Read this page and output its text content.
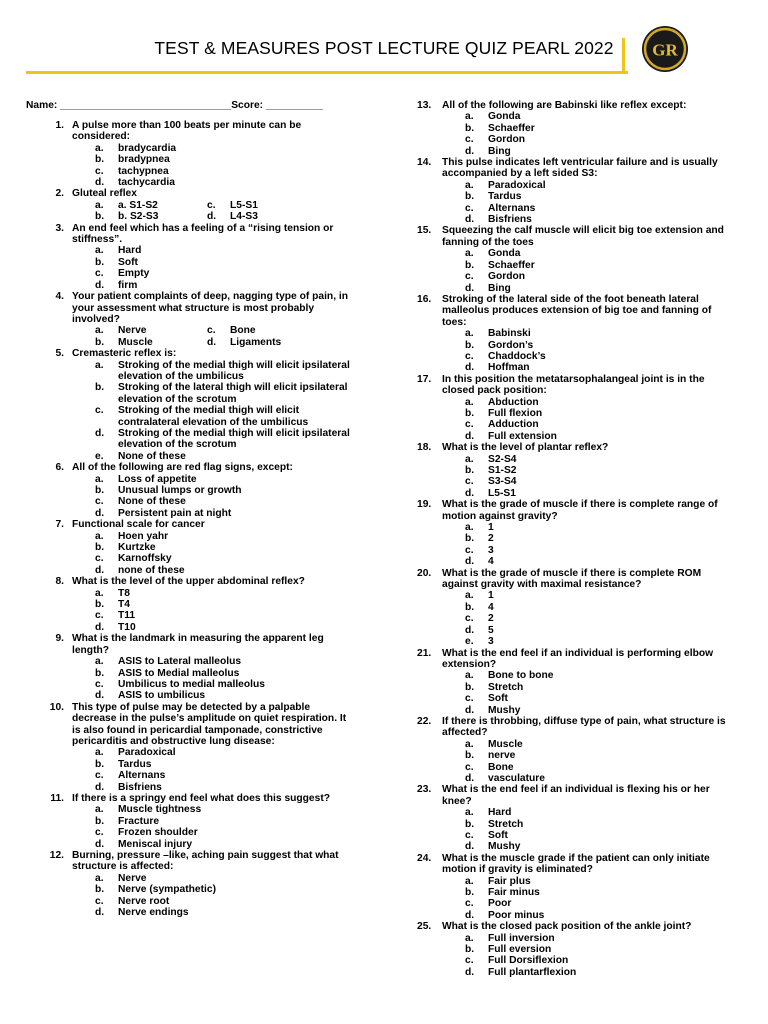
TEST & MEASURES POST LECTURE QUIZ PEARL 2022	GR
Name: ______________________________Score: __________
1. A pulse more than 100 beats per minute can be considered:
a.	bradycardia
b.	bradypnea
c.	tachypnea
d.	tachycardia
2. Gluteal reflex
a.	a. S1-S2	c.	L5-S1
b.	b. S2-S3	d.	L4-S3
3. An end feel which has a feeling of a “rising tension or stiffness”.
a.	Hard
b.	Soft
c.	Empty
d.	firm
4. Your patient complaints of deep, nagging type of pain, in your assessment what structure is most probably involved?
a.	Nerve	c.	Bone
b.	Muscle	d.	Ligaments
5. Cremasteric reflex is:
a.	Stroking of the medial thigh will elicit ipsilateral elevation of the umbilicus
b.	Stroking of the lateral thigh will elicit ipsilateral elevation of the scrotum
c.	Stroking of the medial thigh will elicit contralateral elevation of the umbilicus
d.	Stroking of the medial thigh will elicit ipsilateral elevation of the scrotum
e.	None of these
6. All of the following are red flag signs, except:
a.	Loss of appetite
b.	Unusual lumps or growth
c.	None of these
d.	Persistent pain at night
7. Functional scale for cancer
a.	Hoen yahr
b.	Kurtzke
c.	Karnoffsky
d.	none of these
8. What is the level of the upper abdominal reflex?
a.	T8
b.	T4
c.	T11
d.	T10
9. What is the landmark in measuring the apparent leg length?
a.	ASIS to Lateral malleolus
b.	ASIS to Medial malleolus
c.	Umbilicus to medial malleolus
d.	ASIS to umbilicus
10. This type of pulse may be detected by a palpable decrease in the pulse’s amplitude on quiet respiration. It is also found in pericardial tamponade, constrictive pericarditis and obstructive lung disease:
a.	Paradoxical
b.	Tardus
c.	Alternans
d.	Bisfriens
11. If there is a springy end feel what does this suggest?
a.	Muscle tightness
b.	Fracture
c.	Frozen shoulder
d.	Meniscal injury
12. Burning, pressure –like, aching pain suggest that what structure is affected:
a.	Nerve
b.	Nerve (sympathetic)
c.	Nerve root
d.	Nerve endings
13.	All of the following are Babinski like reflex except:
a.	Gonda
b.	Schaeffer
c.	Gordon
d.	Bing
14.	This pulse indicates left ventricular failure and is usually accompanied by a left sided S3:
a.	Paradoxical
b.	Tardus
c.	Alternans
d.	Bisfriens
15.	Squeezing the calf muscle will elicit big toe extension and fanning of the toes
a.	Gonda
b.	Schaeffer
c.	Gordon
d.	Bing
16.	Stroking of the lateral side of the foot beneath lateral malleolus produces extension of big toe and fanning of toes:
a.	Babinski
b.	Gordon’s
c.	Chaddock’s
d.	Hoffman
17.	In this position the metatarsophalangeal joint is in the closed pack position:
a.	Abduction
b.	Full flexion
c.	Adduction
d.	Full extension
18.	What is the level of plantar reflex?
a.	S2-S4
b.	S1-S2
c.	S3-S4
d.	L5-S1
19.	What is the grade of muscle if there is complete range of motion against gravity?
a.	1
b.	2
c.	3
d.	4
20.	What is the grade of muscle if there is complete ROM against gravity with maximal resistance?
a.	1
b.	4
c.	2
d.	5
e.	3
21.	What is the end feel if an individual is performing elbow extension?
a.	Bone to bone
b.	Stretch
c.	Soft
d.	Mushy
22.	If there is throbbing, diffuse type of pain, what structure is affected?
a.	Muscle
b.	nerve
c.	Bone
d.	vasculature
23.	What is the end feel if an individual is flexing his or her knee?
a.	Hard
b.	Stretch
c.	Soft
d.	Mushy
24.	What is the muscle grade if the patient can only initiate motion if gravity is eliminated?
a.	Fair plus
b.	Fair minus
c.	Poor
d.	Poor minus
25.	What is the closed pack position of the ankle joint?
a.	Full inversion
b.	Full eversion
c.	Full Dorsiflexion
d.	Full plantarflexion
